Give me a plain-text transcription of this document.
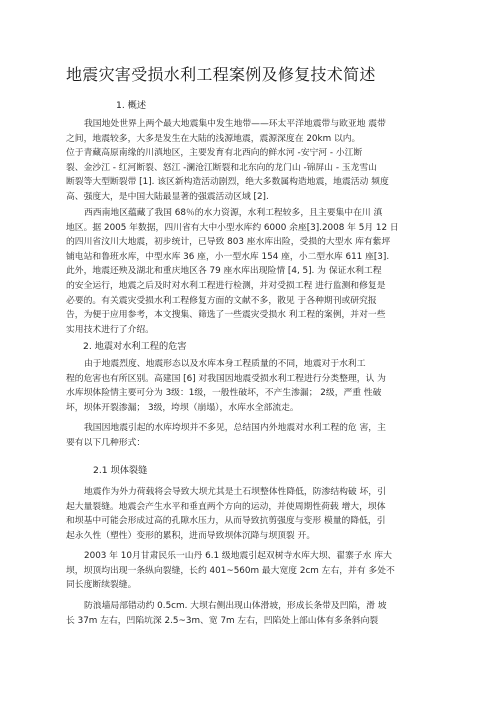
地震灾害受损水利工程案例及修复技术简述
1. 概述
我国地处世界上两个最大地震集中发生地带——环太平洋地震带与欧亚地 震带
之间，地震较多，大多是发生在大陆的浅源地震，震源深度在 20km 以内。
位于青藏高原南缘的川滇地区，主要发育有北西向的鲜水河 -安宁河 - 小江断
裂、金沙江 - 红河断裂、怒江 -澜沧江断裂和北东向的龙门山 -锦屏山 - 玉龙雪山
断裂等大型断裂带 [1]. 该区新构造活动剧烈，绝大多数属构造地震，地震活动 频度
高、强度大，是中国大陆最显著的强震活动区域 [2].
西西南地区蕴藏了我国 68％的水力资源，水利工程较多，且主要集中在川 滇
地区。据 2005 年数据，四川省有大中小型水库约 6000 余座[3].2008 年 5月 12 日
的四川省汶川大地震，初步统计，已导致 803 座水库出险，受损的大型水 库有紫坪
铺电站和鲁班水库，中型水库 36 座，小一型水库 154 座，小二型水库 611 座[3].
此外，地震还殃及湖北和重庆地区各 79 座水库出现险情 [4, 5]. 为 保证水利工程
的安全运行，地震之后及时对水利工程进行检测，并对受损工程 进行监测和修复是
必要的。有关震灾受损水利工程修复方面的文献不多，散见 于各种期刊或研究报
告，为便于应用参考，本文搜集、筛选了一些震灾受损水 利工程的案例，并对一些
实用技术进行了介绍。
2. 地震对水利工程的危害
由于地震烈度、地震形态以及水库本身工程质量的不同，地震对于水利工
程的危害也有所区别。高建国 [6] 对我国因地震受损水利工程进行分类整理，认 为
水库坝体险情主要可分为 3级：1级，一般性破坏，不产生渗漏； 2级，严重 性破
坏，坝体开裂渗漏； 3级，垮坝（崩塌），水库水全部流走。
我国因地震引起的水库垮坝并不多见，总结国内外地震对水利工程的危 害，主
要有以下几种形式：
2.1 坝体裂缝
地震作为外力荷载将会导致大坝尤其是土石坝整体性降低，防渗结构破 坏，引
起大量裂缝。地震会产生水平和垂直两个方向的运动，并使周期性荷载 增大，坝体
和坝基中可能会形成过高的孔隙水压力，从而导致抗剪强度与变形 模量的降低，引
起永久性（塑性）变形的累积，进而导致坝体沉降与坝顶裂 开。
2003 年 10月甘肃民乐一山丹 6.1 级地震引起双树寺水库大坝、翟寨子水 库大
坝，坝顶均出现一条纵向裂缝，长约 401~560m 最大宽度 2cm 左右，并有 多处不
同长度断续裂缝。
防浪墙局部错动约 0.5cm. 大坝右侧出现山体滑坡，形成长条带及凹陷，滑 坡
长 37m 左右，凹陷坑深 2.5~3m、宽 7m 左右，凹陷处上部山体有多条斜向裂
